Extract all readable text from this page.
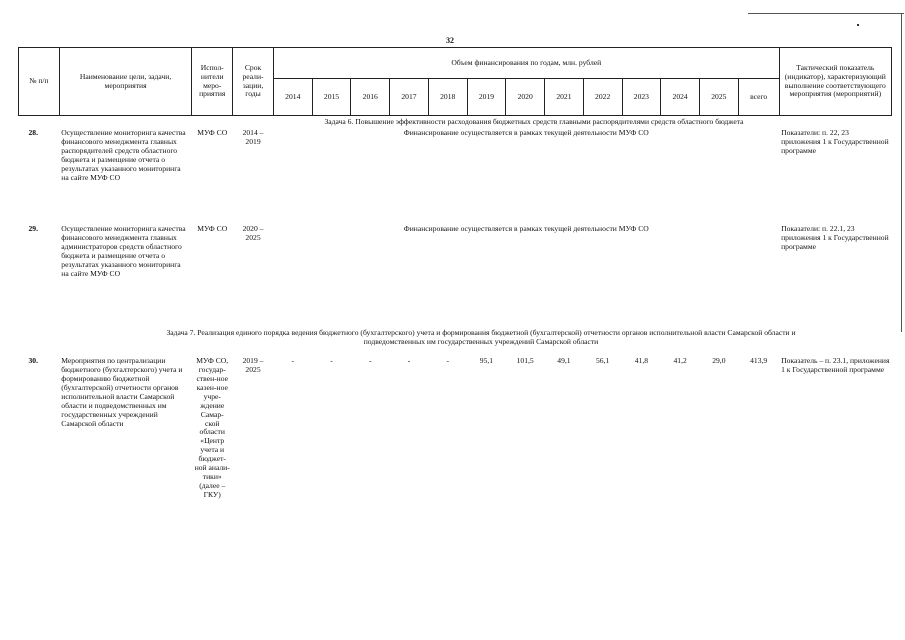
32
№ п/п	Наименование цели, задачи, мероприятия	Испол-нители меро-приятия	Срок реали-зации, годы	Объем финансирования по годам, млн. рублей													Тактический показатель (индикатор), характеризующий выполнение соответствующего мероприятия (мероприятий)
				2014	2015	2016	2017	2018	2019	2020	2021	2022	2023	2024	2025	всего	
Задача 6. Повышение эффективности расходования бюджетных средств главными распорядителями средств областного бюджета																	
28.	Осуществление мониторинга качества финансового менеджмента главных распорядителей средств областного бюджета и размещение отчета о результатах указанного мониторинга на сайте МУФ СО	МУФ СО	2014 – 2019	Финансирование осуществляется в рамках текущей деятельности МУФ СО													Показатели: п. 22, 23 приложения 1 к Государственной программе
29.	Осуществление мониторинга качества финансового менеджмента главных администраторов средств областного бюджета и размещение отчета о результатах указанного мониторинга на сайте МУФ СО	МУФ СО	2020 – 2025	Финансирование осуществляется в рамках текущей деятельности МУФ СО													Показатели: п. 22.1, 23 приложения 1 к Государственной программе

Задача 7. Реализация единого порядка ведения бюджетного (бухгалтерского) учета и формирования бюджетной (бухгалтерской) отчетности органов исполнительной власти Самарской области и
подведомственных им государственных учреждений Самарской области																	

30.	Мероприятия по централизации бюджетного (бухгалтерского) учета и формированию бюджетной (бухгалтерской) отчетности органов исполнительной власти Самарской области и подведомственных им государственных учреждений Самарской области	МУФ СО, государ-ствен-ное казен-ное учре-ждение Самар-ской области «Центр учета и бюджет-ной анали-тики» (далее – ГКУ)	2019 – 2025	-	-	-	-	-	95,1	101,5	49,1	56,1	41,8	41,2	29,0	413,9	Показатель – п. 23.1, приложения 1 к Государственной программе
